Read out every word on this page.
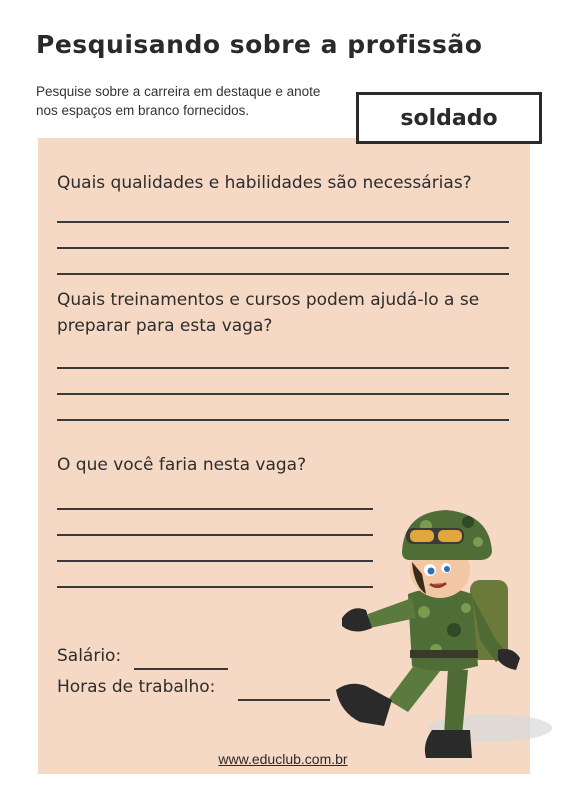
Pesquisando sobre a profissão
Pesquise sobre a carreira em destaque e anote nos espaços em branco fornecidos.	soldado
Quais qualidades e habilidades são necessárias?
Quais treinamentos e cursos podem ajudá-lo a se preparar para esta vaga?
O que você faria nesta vaga?
Salário:
Horas de trabalho:
www.educlub.com.br
